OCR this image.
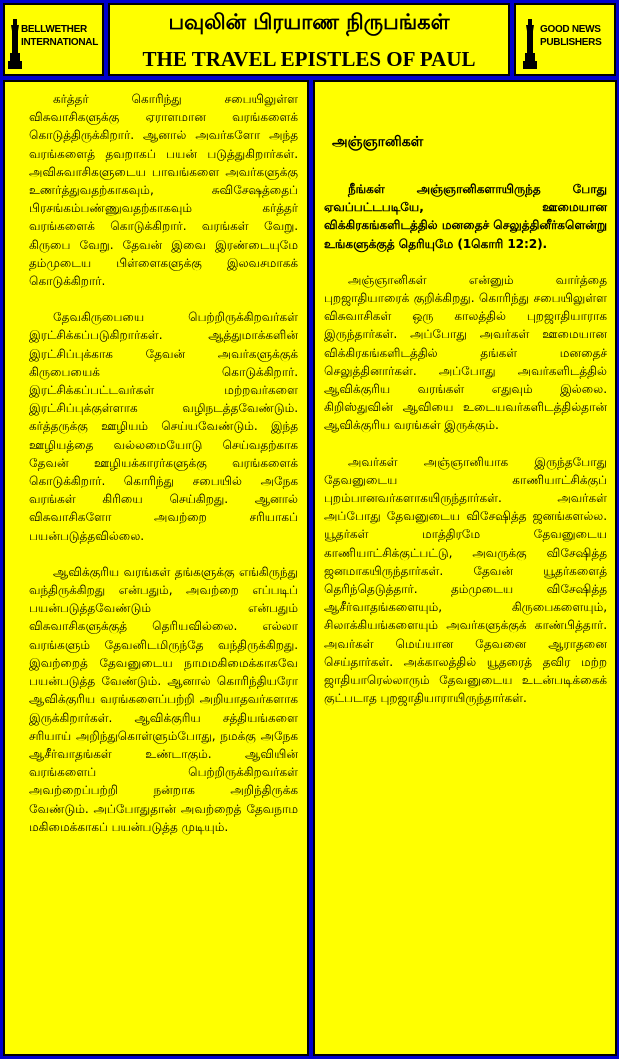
BELLWETHER
INTERNATIONAL
பவுலின் பிரயாண நிருபங்கள்
THE TRAVEL EPISTLES OF PAUL
GOOD NEWS
PUBLISHERS

கர்த்தர் கொரிந்து சபையிலுள்ள விசுவாசிகளுக்கு ஏராளமான வரங்களைக் கொடுத்திருக்கிறார். ஆனால் அவர்களோ அந்த வரங்களைத் தவறாகப் பயன் படுத்துகிறார்கள். அவிசுவாசிகளுடைய பாவங்களை அவர்களுக்கு உணர்த்துவதற்காகவும், சுவிசேஷத்தைப் பிரசங்கம்பண்ணுவதற்காகவும் கர்த்தர் வரங்களைக் கொடுக்கிறார். வரங்கள் வேறு. கிருபை வேறு. தேவன் இவை இரண்டையுமே தம்முடைய பிள்ளைகளுக்கு இலவசமாகக் கொடுக்கிறார்.

தேவகிருபையை பெற்றிருக்கிறவர்கள் இரட்சிக்கப்படுகிறார்கள். ஆத்துமாக்களின் இரட்சிப்புக்காக தேவன் அவர்களுக்குக் கிருபையைக் கொடுக்கிறார். இரட்சிக்கப்பட்டவர்கள் மற்றவர்களை இரட்சிப்புக்குள்ளாக வழிநடத்தவேண்டும். கர்த்தருக்கு ஊழியம் செய்யவேண்டும். இந்த ஊழியத்தை வல்லமையோடு செய்வதற்காக தேவன் ஊழியக்காரர்களுக்கு வரங்களைக் கொடுக்கிறார். கொரிந்து சபையில் அநேக வரங்கள் கிரியை செய்கிறது. ஆனால் விசுவாசிகளோ அவற்றை சரியாகப் பயன்படுத்தவில்லை.

ஆவிக்குரிய வரங்கள் தங்களுக்கு எங்கிருந்து வந்திருக்கிறது என்பதும், அவற்றை எப்படிப் பயன்படுத்தவேண்டும் என்பதும் விசுவாசிகளுக்குத் தெரியவில்லை. எல்லா வரங்களும் தேவனிடமிருந்தே வந்திருக்கிறது. இவற்றைத் தேவனுடைய நாமமகிமைக்காகவே பயன்படுத்த வேண்டும். ஆனால் கொரிந்தியரோ ஆவிக்குரிய வரங்களைப்பற்றி அறியாதவர்களாக இருக்கிறார்கள். ஆவிக்குரிய சத்தியங்களை சரியாய் அறிந்துகொள்ளும்போது, நமக்கு அநேக ஆசீர்வாதங்கள் உண்டாகும். ஆவியின் வரங்களைப் பெற்றிருக்கிறவர்கள் அவற்றைப்பற்றி நன்றாக அறிந்திருக்க வேண்டும். அப்போதுதான் அவற்றைத் தேவநாம மகிமைக்காகப் பயன்படுத்த முடியும்.

அஞ்ஞானிகள்

நீங்கள் அஞ்ஞானிகளாயிருந்த போது ஏவப்பட்டபடியே, ஊமையான விக்கிரகங்களிடத்தில் மனதைச் செலுத்தினீர்களென்று உங்களுக்குத் தெரியுமே (1கொரி 12:2).

அஞ்ஞானிகள் என்னும் வார்த்தை புறஜாதியாரைக் குறிக்கிறது. கொரிந்து சபையிலுள்ள விசுவாசிகள் ஒரு காலத்தில் புறஜாதியாராக இருந்தார்கள். அப்போது அவர்கள் ஊமையான விக்கிரகங்களிடத்தில் தங்கள் மனதைச் செலுத்தினார்கள். அப்போது அவர்களிடத்தில் ஆவிக்குரிய வரங்கள் எதுவும் இல்லை. கிறிஸ்துவின் ஆவியை உடையவர்களிடத்தில்தான் ஆவிக்குரிய வரங்கள் இருக்கும்.

அவர்கள் அஞ்ஞானியாக இருந்தபோது தேவனுடைய காணியாட்சிக்குப் புறம்பானவர்களாகயிருந்தார்கள். அவர்கள் அப்போது தேவனுடைய விசேஷித்த ஜனங்களல்ல. யூதர்கள் மாத்திரமே தேவனுடைய காணியாட்சிக்குட்பட்டு, அவருக்கு விசேஷித்த ஜனமாகயிருந்தார்கள். தேவன் யூதர்களைத் தெரிந்தெடுத்தார். தம்முடைய விசேஷித்த ஆசீர்வாதங்களையும், கிருபைகளையும், சிலாக்கியங்களையும் அவர்களுக்குக் காண்பித்தார். அவர்கள் மெய்யான தேவனை ஆராதனை செய்தார்கள். அக்காலத்தில் யூதரைத் தவிர மற்ற ஜாதியாரெல்லாரும் தேவனுடைய உடன்படிக்கைக் குட்படாத புறஜாதியாராயிருந்தார்கள்.
